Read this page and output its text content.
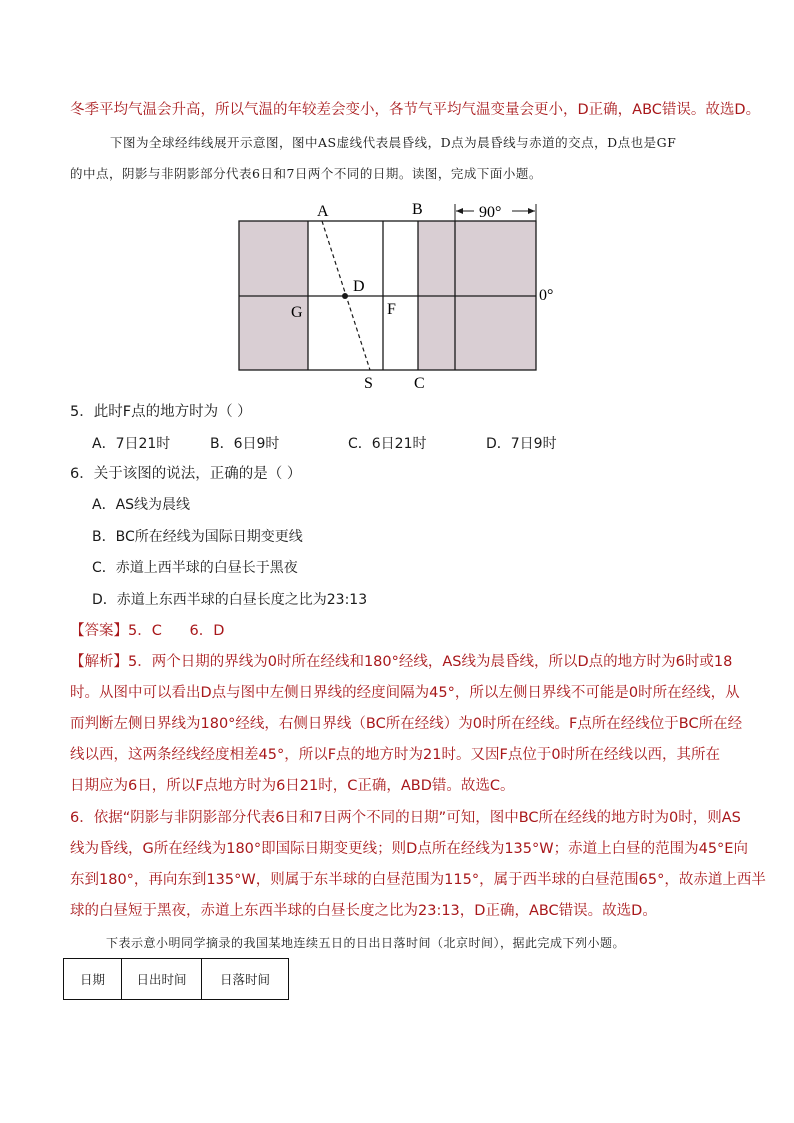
冬季平均气温会升高，所以气温的年较差会变小，各节气平均气温变量会更小，D正确，ABC错误。故选D。
下图为全球经纬线展开示意图，图中AS虚线代表晨昏线，D点为晨昏线与赤道的交点，D点也是GF
的中点，阴影与非阴影部分代表6日和7日两个不同的日期。读图，完成下面小题。
A	B	90°
D
0°
G	F
S	C
5．此时F点的地方时为（ ）
A．7日21时	B．6日9时	C．6日21时	D．7日9时
6．关于该图的说法，正确的是（ ）
A．AS线为晨线
B．BC所在经线为国际日期变更线
C．赤道上西半球的白昼长于黑夜
D．赤道上东西半球的白昼长度之比为23:13
【答案】5．C      6．D
【解析】5．两个日期的界线为0时所在经线和180°经线，AS线为晨昏线，所以D点的地方时为6时或18
时。从图中可以看出D点与图中左侧日界线的经度间隔为45°，所以左侧日界线不可能是0时所在经线，从
而判断左侧日界线为180°经线，右侧日界线（BC所在经线）为0时所在经线。F点所在经线位于BC所在经
线以西，这两条经线经度相差45°，所以F点的地方时为21时。又因F点位于0时所在经线以西，其所在
日期应为6日，所以F点地方时为6日21时，C正确，ABD错。故选C。
6．依据“阴影与非阴影部分代表6日和7日两个不同的日期”可知，图中BC所在经线的地方时为0时，则AS
线为昏线，G所在经线为180°即国际日期变更线；则D点所在经线为135°W；赤道上白昼的范围为45°E向
东到180°，再向东到135°W，则属于东半球的白昼范围为115°，属于西半球的白昼范围65°，故赤道上西半
球的白昼短于黑夜，赤道上东西半球的白昼长度之比为23:13，D正确，ABC错误。故选D。
下表示意小明同学摘录的我国某地连续五日的日出日落时间（北京时间），据此完成下列小题。
日期	日出时间	日落时间
